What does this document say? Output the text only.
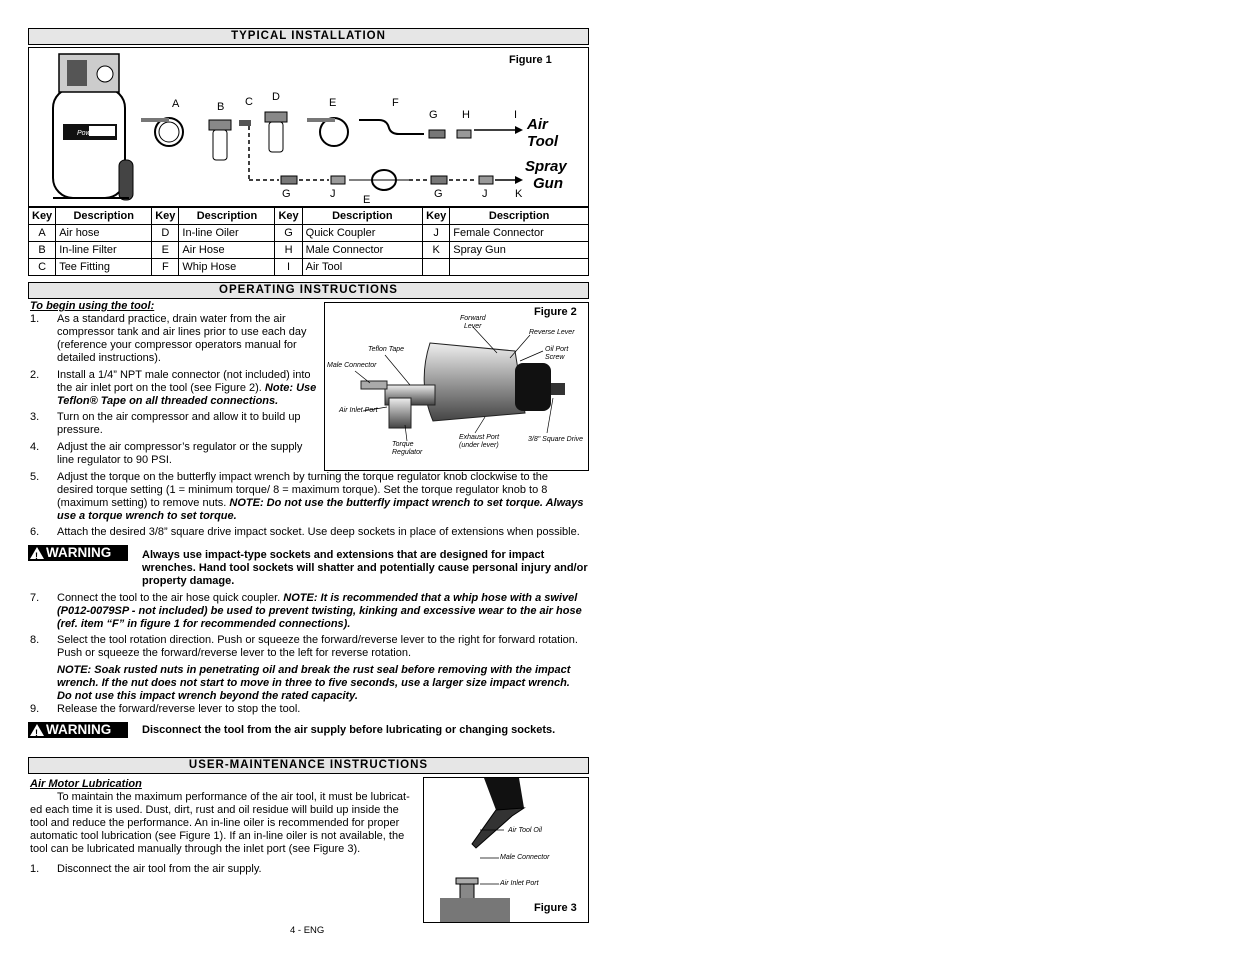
TYPICAL INSTALLATION
Figure 1
Powermate
A	B C D	E	F
G H	I
G	J	E	G	J	K
Air
Tool
Spray
Gun
Key	Description	Key	Description	Key	Description	Key	Description
A	Air hose	D	In-line Oiler	G	Quick Coupler	J	Female Connector
B	In-line Filter	E	Air Hose	H	Male Connector	K	Spray Gun
C	Tee Fitting	F	Whip Hose	I	Air Tool		
OPERATING INSTRUCTIONS
To begin using the tool:
1. As a standard practice, drain water from the air
compressor tank and air lines prior to use each day
(reference your compressor operators manual for
detailed instructions).
2. Install a 1/4” NPT male connector (not included) into
the air inlet port on the tool (see Figure 2). Note: Use
Teflon® Tape on all threaded connections.
3. Turn on the air compressor and allow it to build up
pressure.
4. Adjust the air compressor’s regulator or the supply
line regulator to 90 PSI.
Figure 2
Forward
Lever
Reverse Lever
Oil Port Screw
Teflon Tape
Male Connector
Air Inlet Port
Torque
Regulator
Exhaust Port
(under lever)
3/8" Square Drive
5. Adjust the torque on the butterfly impact wrench by turning the torque regulator knob clockwise to the
desired torque setting (1 = minimum torque/ 8 = maximum torque). Set the torque regulator knob to 8
(maximum setting) to remove nuts. NOTE: Do not use the butterfly impact wrench to set torque. Always
use a torque wrench to set torque.
6. Attach the desired 3/8” square drive impact socket. Use deep sockets in place of extensions when possible.
! WARNING	Always use impact-type sockets and extensions that are designed for impact
wrenches. Hand tool sockets will shatter and potentially cause personal injury and/or
property damage.
7. Connect the tool to the air hose quick coupler. NOTE: It is recommended that a whip hose with a swivel
(P012-0079SP - not included) be used to prevent twisting, kinking and excessive wear to the air hose
(ref. item “F” in figure 1 for recommended connections).
8. Select the tool rotation direction. Push or squeeze the forward/reverse lever to the right for forward rotation.
Push or squeeze the forward/reverse lever to the left for reverse rotation.
NOTE: Soak rusted nuts in penetrating oil and break the rust seal before removing with the impact
wrench. If the nut does not start to move in three to five seconds, use a larger size impact wrench.
Do not use this impact wrench beyond the rated capacity.
9. Release the forward/reverse lever to stop the tool.
! WARNING	Disconnect the tool from the air supply before lubricating or changing sockets.
USER-MAINTENANCE INSTRUCTIONS
Air Motor Lubrication
To maintain the maximum performance of the air tool, it must be lubricat-
ed each time it is used. Dust, dirt, rust and oil residue will build up inside the
tool and reduce the performance. An in-line oiler is recommended for proper
automatic tool lubrication (see Figure 1). If an in-line oiler is not available, the
tool can be lubricated manually through the inlet port (see Figure 3).
1. Disconnect the air tool from the air supply.
Air Tool Oil
Male Connector
Air Inlet Port
Figure 3
4 - ENG
